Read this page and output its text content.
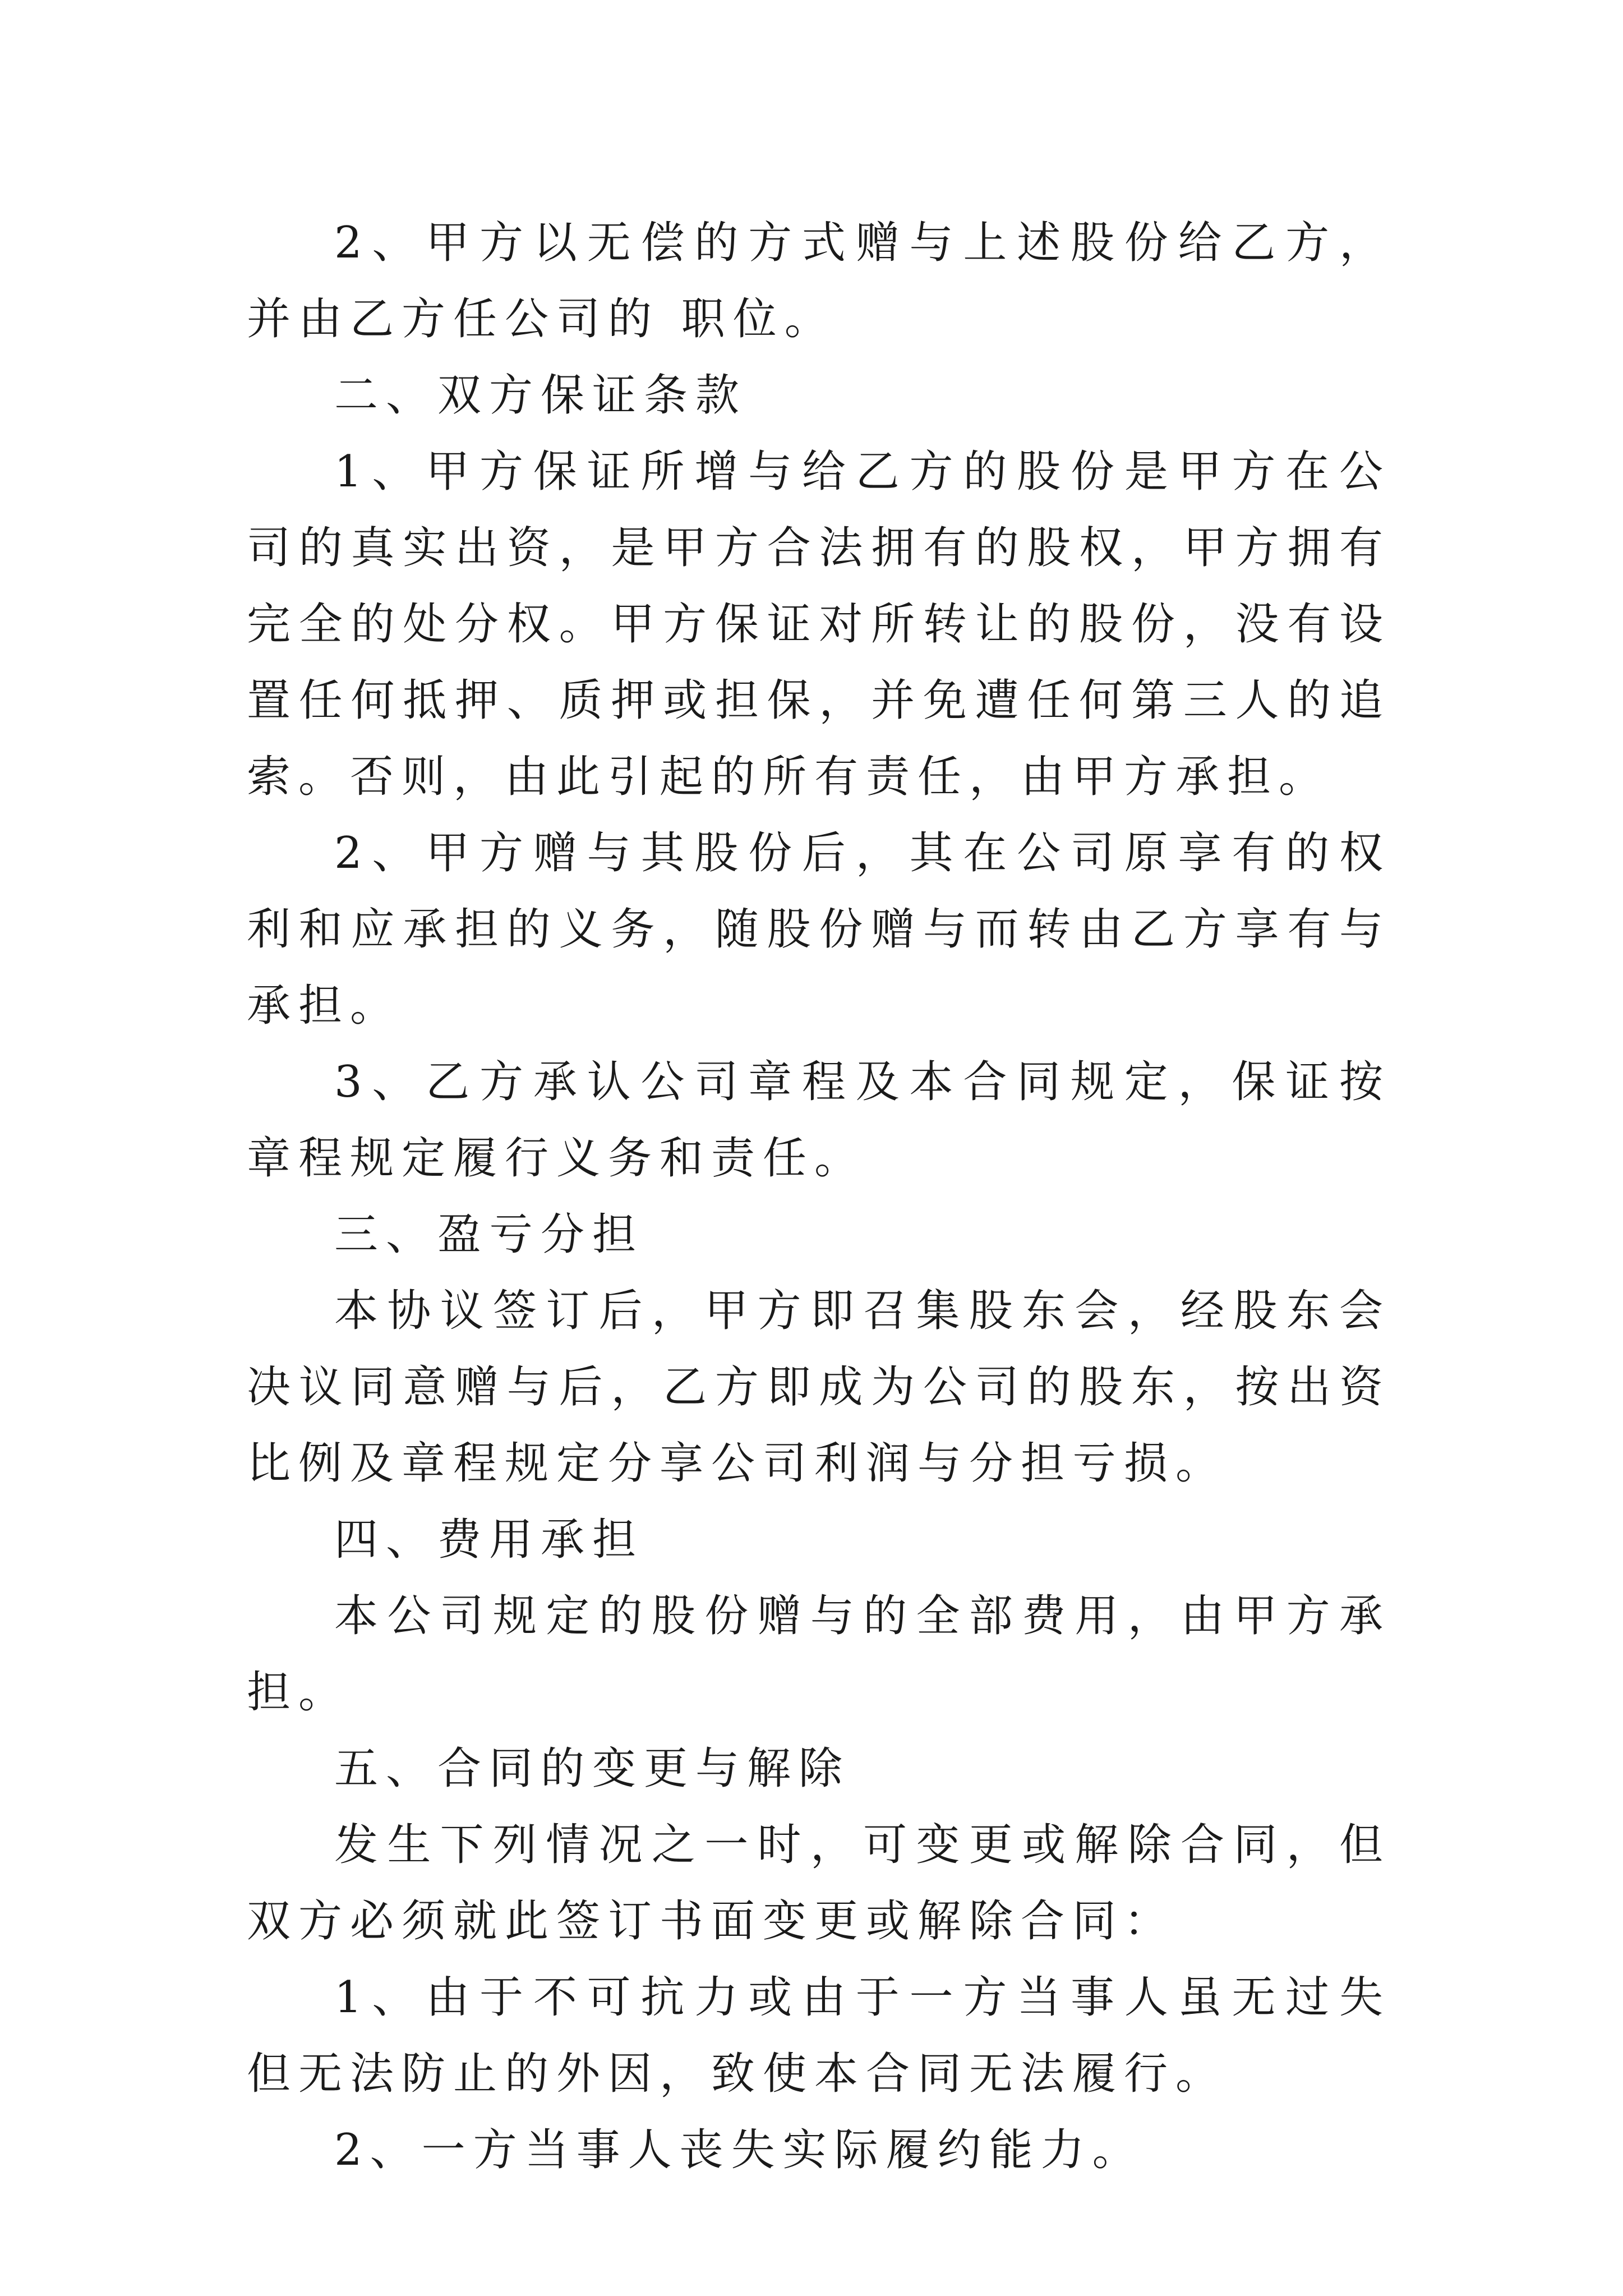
2、甲方以无偿的方式赠与上述股份给乙方，并由乙方任公司的 职位。

二、双方保证条款

1、甲方保证所增与给乙方的股份是甲方在公司的真实出资，是甲方合法拥有的股权，甲方拥有完全的处分权。甲方保证对所转让的股份，没有设置任何抵押、质押或担保，并免遭任何第三人的追索。否则，由此引起的所有责任，由甲方承担。

2、甲方赠与其股份后，其在公司原享有的权利和应承担的义务，随股份赠与而转由乙方享有与承担。

3、乙方承认公司章程及本合同规定，保证按章程规定履行义务和责任。

三、盈亏分担

本协议签订后，甲方即召集股东会，经股东会决议同意赠与后，乙方即成为公司的股东，按出资比例及章程规定分享公司利润与分担亏损。

四、费用承担

本公司规定的股份赠与的全部费用，由甲方承担。

五、合同的变更与解除

发生下列情况之一时，可变更或解除合同，但双方必须就此签订书面变更或解除合同：

1、由于不可抗力或由于一方当事人虽无过失但无法防止的外因，致使本合同无法履行。

2、一方当事人丧失实际履约能力。
